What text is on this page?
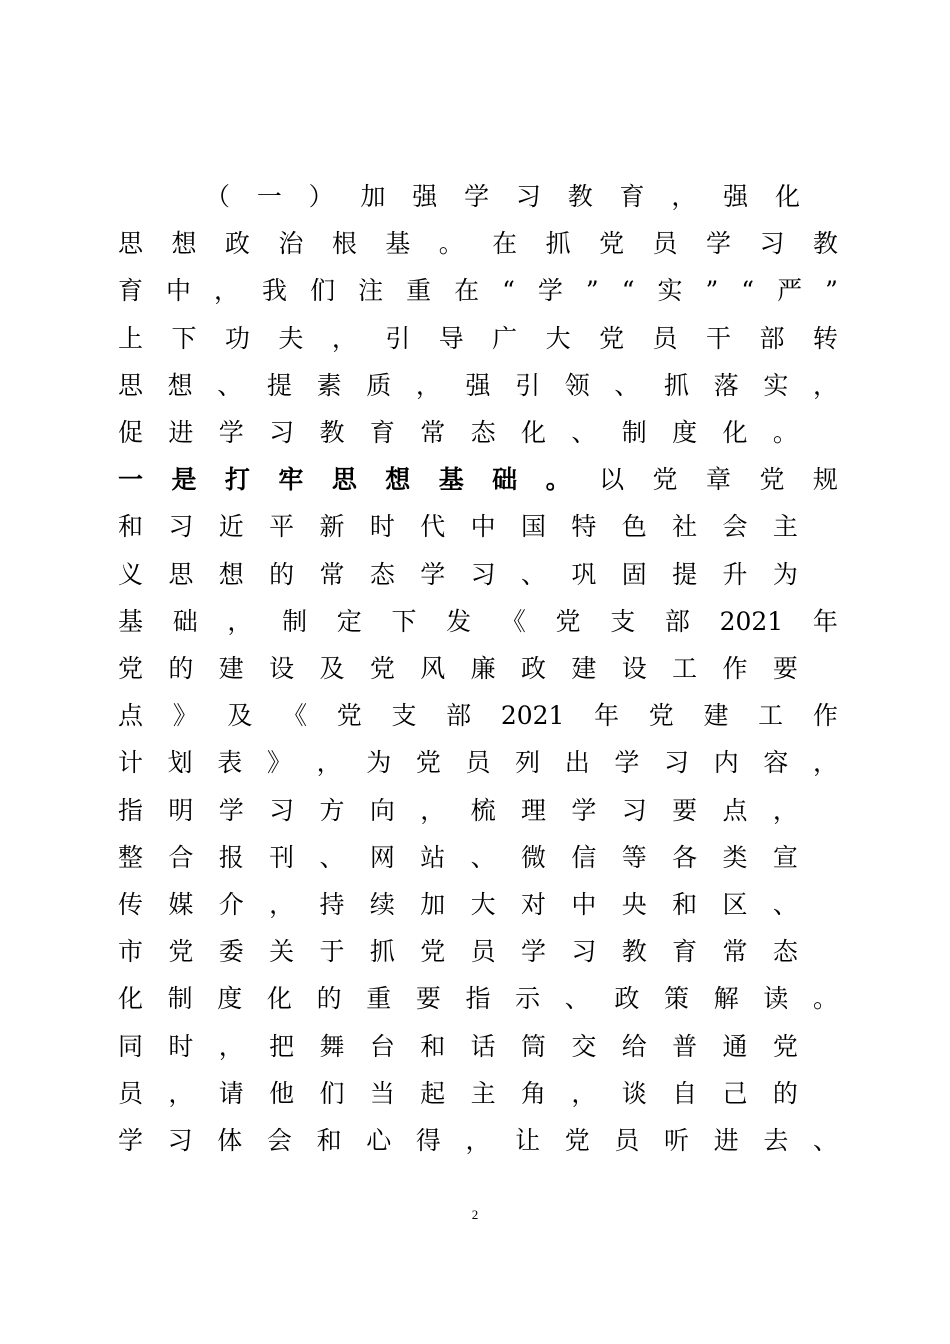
（ 一 ） 加 强 学 习 教 育 ， 强 化
思 想 政 治 根 基 。 在 抓 党 员 学 习 教
育 中 ， 我 们 注 重 在 “ 学 ” “ 实 ” “ 严 ”
上 下 功 夫 ， 引 导 广 大 党 员 干 部 转
思 想 、 提 素 质 ， 强 引 领 、 抓 落 实 ，
促 进 学 习 教 育 常 态 化 、 制 度 化 。
一 是 打 牢 思 想 基 础 。 以 党 章 党 规
和 习 近 平 新 时 代 中 国 特 色 社 会 主
义 思 想 的 常 态 学 习 、 巩 固 提 升 为
基 础 ， 制 定 下 发 《 党 支 部 2021 年
党 的 建 设 及 党 风 廉 政 建 设 工 作 要
点 》 及 《 党 支 部 2021 年 党 建 工 作
计 划 表 》 ， 为 党 员 列 出 学 习 内 容 ，
指 明 学 习 方 向 ， 梳 理 学 习 要 点 ，
整 合 报 刊 、 网 站 、 微 信 等 各 类 宣
传 媒 介 ， 持 续 加 大 对 中 央 和 区 、
市 党 委 关 于 抓 党 员 学 习 教 育 常 态
化 制 度 化 的 重 要 指 示 、 政 策 解 读 。
同 时 ， 把 舞 台 和 话 筒 交 给 普 通 党
员 ， 请 他 们 当 起 主 角 ， 谈 自 己 的
学 习 体 会 和 心 得 ， 让 党 员 听 进 去 、
2
